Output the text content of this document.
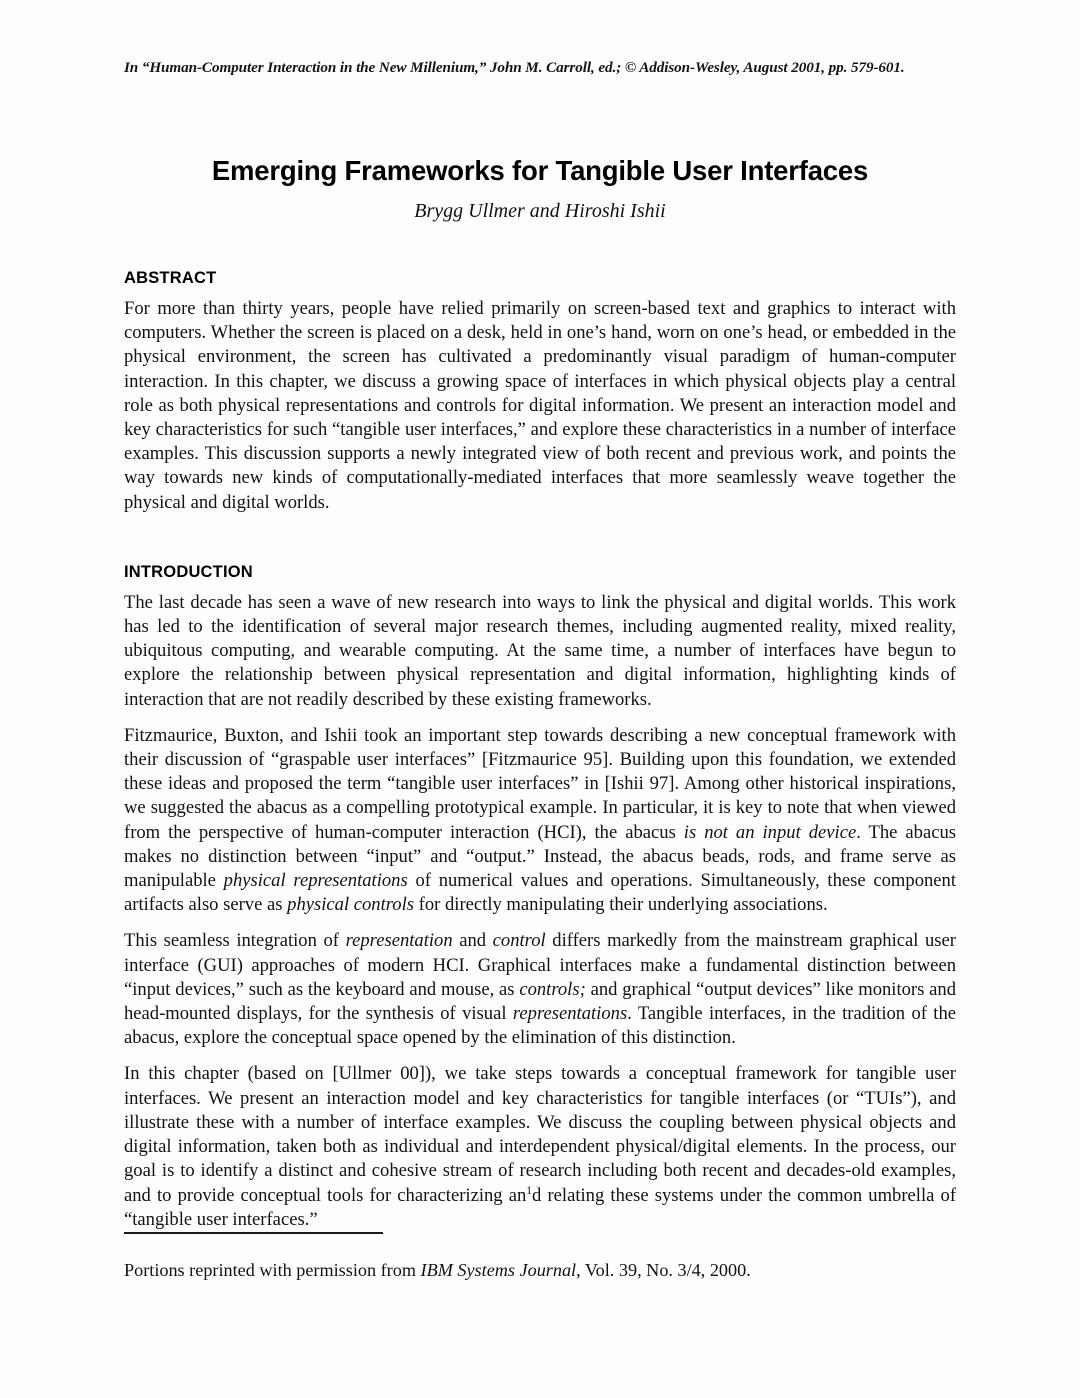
In “Human-Computer Interaction in the New Millenium,” John M. Carroll, ed.; © Addison-Wesley, August 2001, pp. 579-601.
Emerging Frameworks for Tangible User Interfaces
Brygg Ullmer and Hiroshi Ishii
ABSTRACT

For more than thirty years, people have relied primarily on screen-based text and graphics to interact with computers. Whether the screen is placed on a desk, held in one’s hand, worn on one’s head, or embedded in the physical environment, the screen has cultivated a predominantly visual paradigm of human-computer interaction. In this chapter, we discuss a growing space of interfaces in which physical objects play a central role as both physical representations and controls for digital information. We present an interaction model and key characteristics for such “tangible user interfaces,” and explore these characteristics in a number of interface examples. This discussion supports a newly integrated view of both recent and previous work, and points the way towards new kinds of computationally-mediated interfaces that more seamlessly weave together the physical and digital worlds.

INTRODUCTION

The last decade has seen a wave of new research into ways to link the physical and digital worlds. This work has led to the identification of several major research themes, including augmented reality, mixed reality, ubiquitous computing, and wearable computing. At the same time, a number of interfaces have begun to explore the relationship between physical representation and digital information, highlighting kinds of interaction that are not readily described by these existing frameworks.

Fitzmaurice, Buxton, and Ishii took an important step towards describing a new conceptual framework with their discussion of “graspable user interfaces” [Fitzmaurice 95]. Building upon this foundation, we extended these ideas and proposed the term “tangible user interfaces” in [Ishii 97]. Among other historical inspirations, we suggested the abacus as a compelling prototypical example. In particular, it is key to note that when viewed from the perspective of human-computer interaction (HCI), the abacus is not an input device. The abacus makes no distinction between “input” and “output.” Instead, the abacus beads, rods, and frame serve as manipulable physical representations of numerical values and operations. Simultaneously, these component artifacts also serve as physical controls for directly manipulating their underlying associations.

This seamless integration of representation and control differs markedly from the mainstream graphical user interface (GUI) approaches of modern HCI. Graphical interfaces make a fundamental distinction between “input devices,” such as the keyboard and mouse, as controls; and graphical “output devices” like monitors and head-mounted displays, for the synthesis of visual representations. Tangible interfaces, in the tradition of the abacus, explore the conceptual space opened by the elimination of this distinction.

In this chapter (based on [Ullmer 00]), we take steps towards a conceptual framework for tangible user interfaces. We present an interaction model and key characteristics for tangible interfaces (or “TUIs”), and illustrate these with a number of interface examples. We discuss the coupling between physical objects and digital information, taken both as individual and interdependent physical/digital elements. In the process, our goal is to identify a distinct and cohesive stream of research including both recent and decades-old examples, and to provide conceptual tools for characterizing an$^1$d relating these systems under the common umbrella of “tangible user interfaces.”

Portions reprinted with permission from IBM Systems Journal, Vol. 39, No. 3/4, 2000.
